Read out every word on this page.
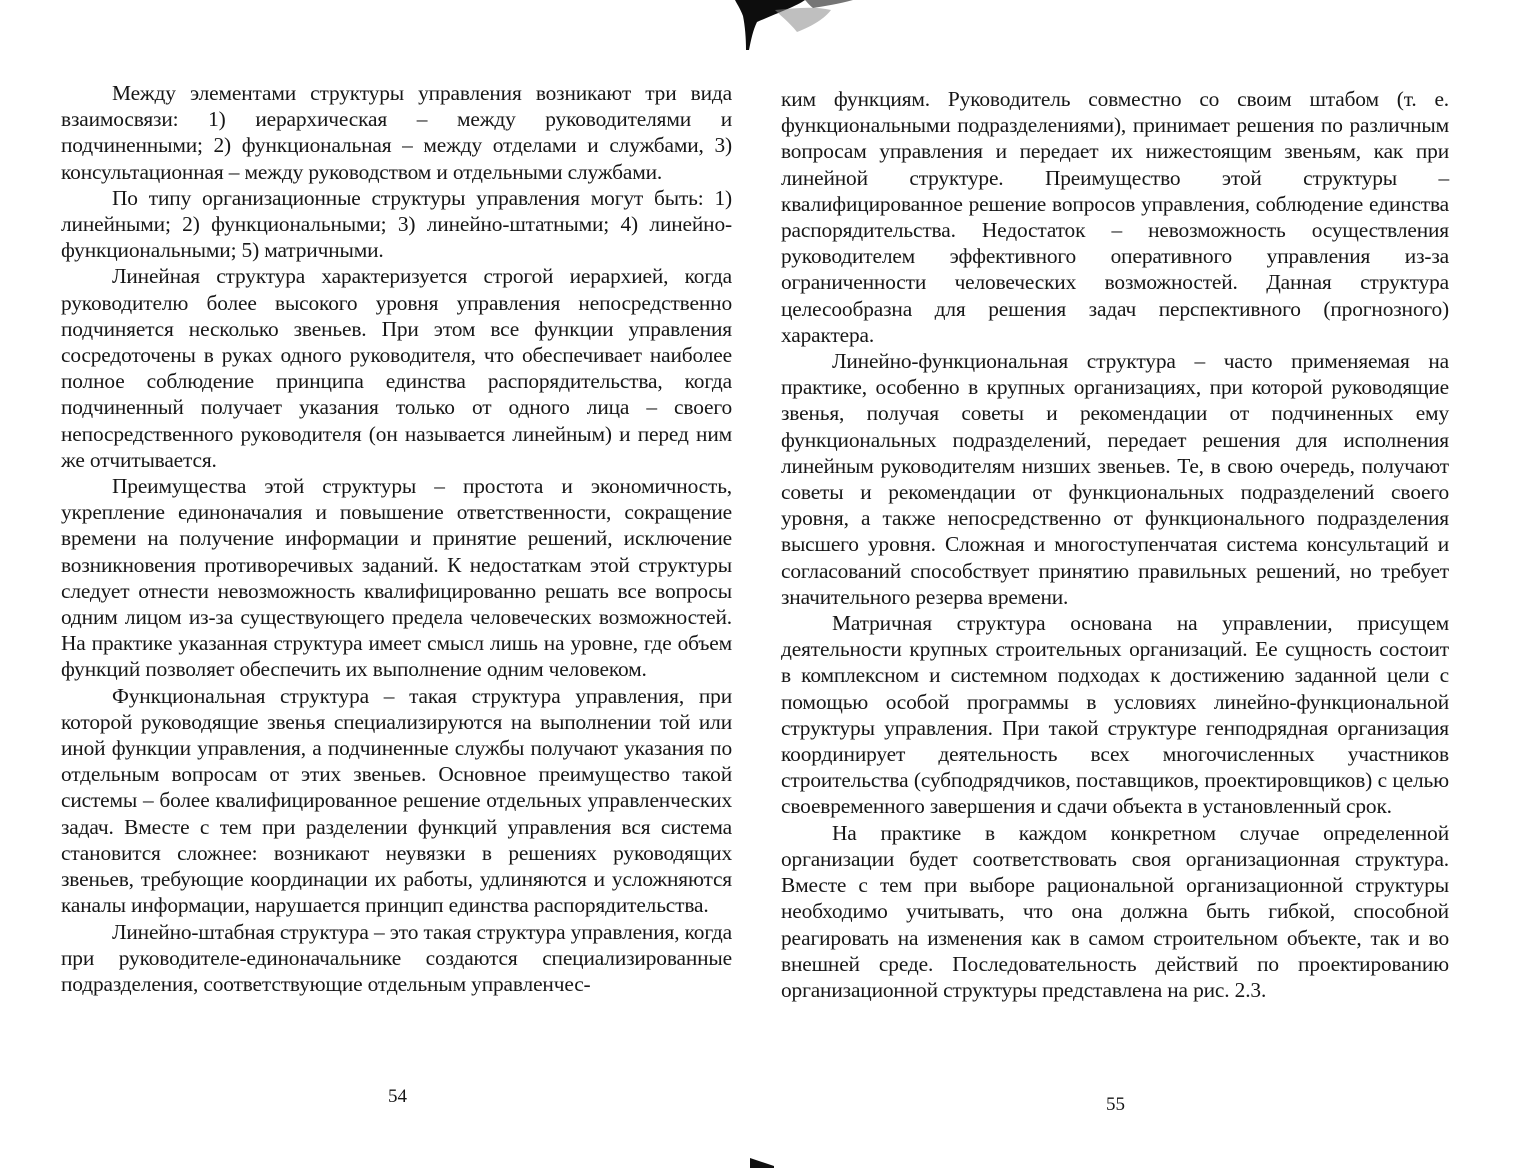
Между элементами структуры управления возникают три вида взаимосвязи: 1) иерархическая – между руководителями и подчиненными; 2) функциональная – между отделами и службами, 3) консультационная – между руководством и отдельными службами.

По типу организационные структуры управления могут быть: 1) линейными; 2) функциональными; 3) линейно-штатными; 4) линейно-функциональными; 5) матричными.

Линейная структура характеризуется строгой иерархией, когда руководителю более высокого уровня управления непосредственно подчиняется несколько звеньев. При этом все функции управления сосредоточены в руках одного руководителя, что обеспечивает наиболее полное соблюдение принципа единства распорядительства, когда подчиненный получает указания только от одного лица – своего непосредственного руководителя (он называется линейным) и перед ним же отчитывается.

Преимущества этой структуры – простота и экономичность, укрепление единоначалия и повышение ответственности, сокращение времени на получение информации и принятие решений, исключение возникновения противоречивых заданий. К недостаткам этой структуры следует отнести невозможность квалифицированно решать все вопросы одним лицом из-за существующего предела человеческих возможностей. На практике указанная структура имеет смысл лишь на уровне, где объем функций позволяет обеспечить их выполнение одним человеком.

Функциональная структура – такая структура управления, при которой руководящие звенья специализируются на выполнении той или иной функции управления, а подчиненные службы получают указания по отдельным вопросам от этих звеньев. Основное преимущество такой системы – более квалифицированное решение отдельных управленческих задач. Вместе с тем при разделении функций управления вся система становится сложнее: возникают неувязки в решениях руководящих звеньев, требующие координации их работы, удлиняются и усложняются каналы информации, нарушается принцип единства распорядительства.

Линейно-штабная структура – это такая структура управления, когда при руководителе-единоначальнике создаются специализированные подразделения, соответствующие отдельным управленчес-

54

ким функциям. Руководитель совместно со своим штабом (т. е. функциональными подразделениями), принимает решения по различным вопросам управления и передает их нижестоящим звеньям, как при линейной структуре. Преимущество этой структуры – квалифицированное решение вопросов управления, соблюдение единства распорядительства. Недостаток – невозможность осуществления руководителем эффективного оперативного управления из-за ограниченности человеческих возможностей. Данная структура целесообразна для решения задач перспективного (прогнозного) характера.

Линейно-функциональная структура – часто применяемая на практике, особенно в крупных организациях, при которой руководящие звенья, получая советы и рекомендации от подчиненных ему функциональных подразделений, передает решения для исполнения линейным руководителям низших звеньев. Те, в свою очередь, получают советы и рекомендации от функциональных подразделений своего уровня, а также непосредственно от функционального подразделения высшего уровня. Сложная и многоступенчатая система консультаций и согласований способствует принятию правильных решений, но требует значительного резерва времени.

Матричная структура основана на управлении, присущем деятельности крупных строительных организаций. Ее сущность состоит в комплексном и системном подходах к достижению заданной цели с помощью особой программы в условиях линейно-функциональной структуры управления. При такой структуре генподрядная организация координирует деятельность всех многочисленных участников строительства (субподрядчиков, поставщиков, проектировщиков) с целью своевременного завершения и сдачи объекта в установленный срок.

На практике в каждом конкретном случае определенной организации будет соответствовать своя организационная структура. Вместе с тем при выборе рациональной организационной структуры необходимо учитывать, что она должна быть гибкой, способной реагировать на изменения как в самом строительном объекте, так и во внешней среде. Последовательность действий по проектированию организационной структуры представлена на рис. 2.3.

55
